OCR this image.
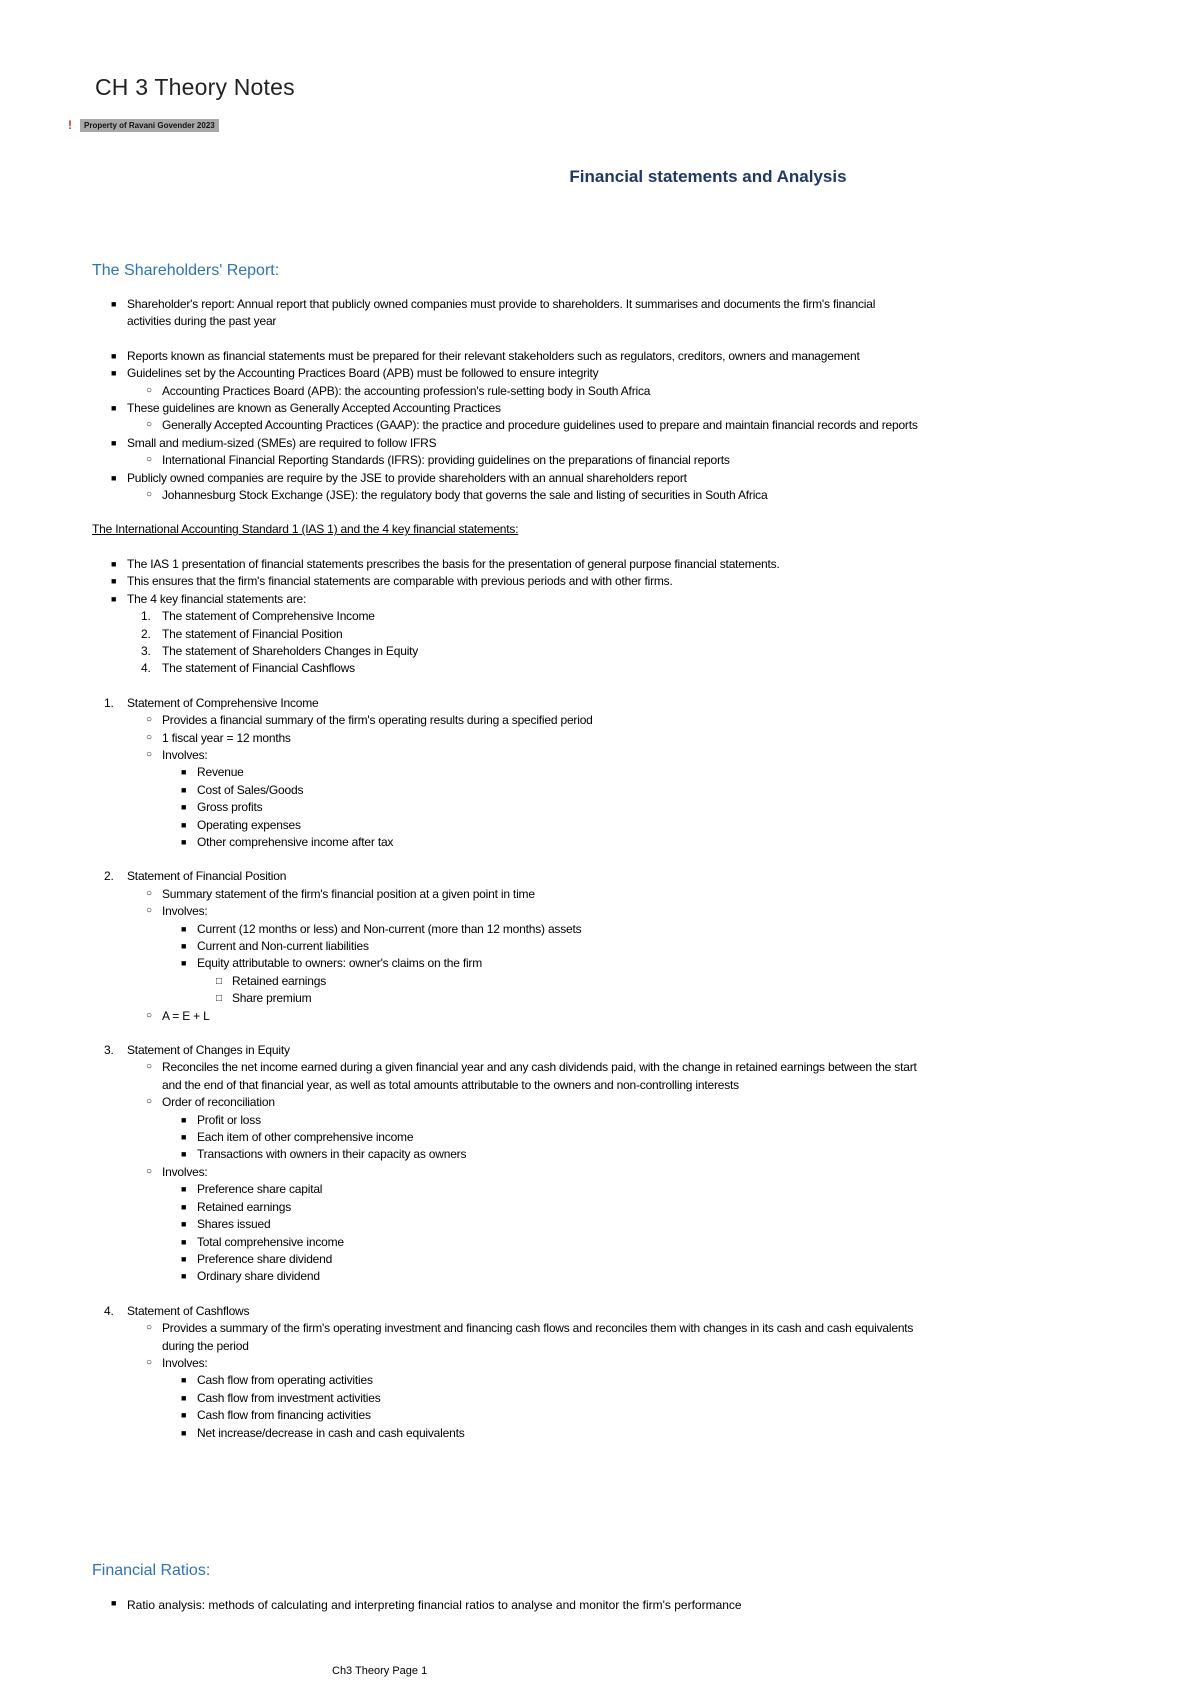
CH 3 Theory Notes
!	Property of Ravani Govender 2023
Financial statements and Analysis
The Shareholders' Report:
■ Shareholder's report: Annual report that publicly owned companies must provide to shareholders. It summarises and documents the firm's financial activities during the past year
■ Reports known as financial statements must be prepared for their relevant stakeholders such as regulators, creditors, owners and management
■ Guidelines set by the Accounting Practices Board (APB) must be followed to ensure integrity
○ Accounting Practices Board (APB): the accounting profession's rule-setting body in South Africa
■ These guidelines are known as Generally Accepted Accounting Practices
○ Generally Accepted Accounting Practices (GAAP): the practice and procedure guidelines used to prepare and maintain financial records and reports
■ Small and medium-sized (SMEs) are required to follow IFRS
○ International Financial Reporting Standards (IFRS): providing guidelines on the preparations of financial reports
■ Publicly owned companies are require by the JSE to provide shareholders with an annual shareholders report
○ Johannesburg Stock Exchange (JSE): the regulatory body that governs the sale and listing of securities in South Africa
The International Accounting Standard 1 (IAS 1) and the 4 key financial statements:
■ The IAS 1 presentation of financial statements prescribes the basis for the presentation of general purpose financial statements.
■ This ensures that the firm's financial statements are comparable with previous periods and with other firms.
■ The 4 key financial statements are:
1. The statement of Comprehensive Income
2. The statement of Financial Position
3. The statement of Shareholders Changes in Equity
4. The statement of Financial Cashflows
1. Statement of Comprehensive Income
○ Provides a financial summary of the firm's operating results during a specified period
○ 1 fiscal year = 12 months
○ Involves:
■ Revenue
■ Cost of Sales/Goods
■ Gross profits
■ Operating expenses
■ Other comprehensive income after tax
2. Statement of Financial Position
○ Summary statement of the firm's financial position at a given point in time
○ Involves:
■ Current (12 months or less) and Non-current (more than 12 months) assets
■ Current and Non-current liabilities
■ Equity attributable to owners: owner's claims on the firm
□ Retained earnings
□ Share premium
○ A = E + L
3. Statement of Changes in Equity
○ Reconciles the net income earned during a given financial year and any cash dividends paid, with the change in retained earnings between the start and the end of that financial year, as well as total amounts attributable to the owners and non-controlling interests
○ Order of reconciliation
■ Profit or loss
■ Each item of other comprehensive income
■ Transactions with owners in their capacity as owners
○ Involves:
■ Preference share capital
■ Retained earnings
■ Shares issued
■ Total comprehensive income
■ Preference share dividend
■ Ordinary share dividend
4. Statement of Cashflows
○ Provides a summary of the firm's operating investment and financing cash flows and reconciles them with changes in its cash and cash equivalents during the period
○ Involves:
■ Cash flow from operating activities
■ Cash flow from investment activities
■ Cash flow from financing activities
■ Net increase/decrease in cash and cash equivalents
Financial Ratios:
■ Ratio analysis: methods of calculating and interpreting financial ratios to analyse and monitor the firm's performance
Ch3 Theory Page 1
